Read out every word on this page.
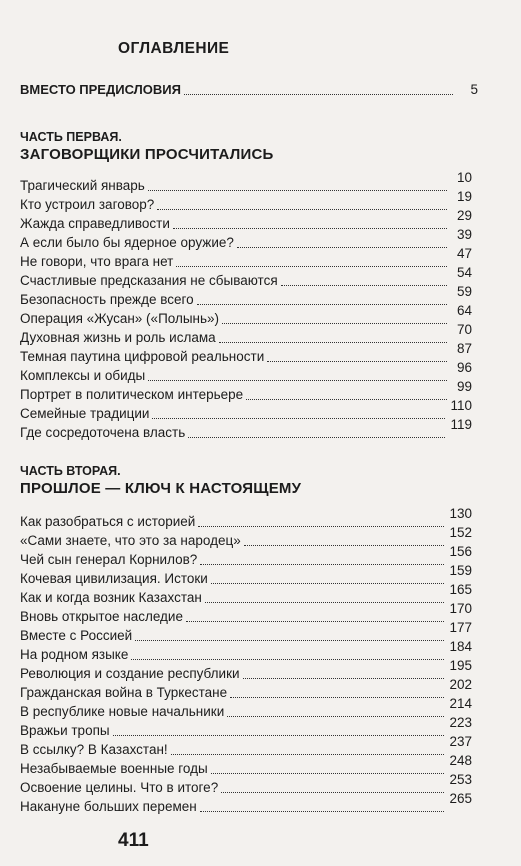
ОГЛАВЛЕНИЕ
ВМЕСТО ПРЕДИСЛОВИЯ	5
ЧАСТЬ ПЕРВАЯ.
ЗАГОВОРЩИКИ ПРОСЧИТАЛИСЬ
Трагический январь
10
Кто устроил заговор?
19
Жажда справедливости
29
А если было бы ядерное оружие?
39
Не говори, что врага нет
47
Счастливые предсказания не сбываются
54
Безопасность прежде всего
59
Операция «Жусан» («Полынь»)
64
Духовная жизнь и роль ислама
70
Темная паутина цифровой реальности
87
Комплексы и обиды
96
Портрет в политическом интерьере
99
Семейные традиции
110
Где сосредоточена власть
119
ЧАСТЬ ВТОРАЯ.
ПРОШЛОЕ — КЛЮЧ К НАСТОЯЩЕМУ
Как разобраться с историей
130
«Сами знаете, что это за народец»
152
Чей сын генерал Корнилов?
156
Кочевая цивилизация. Истоки
159
Как и когда возник Казахстан
165
Вновь открытое наследие
170
Вместе с Россией
177
На родном языке
184
Революция и создание республики
195
Гражданская война в Туркестане
202
В республике новые начальники
214
Вражьи тропы
223
В ссылку? В Казахстан!
237
Незабываемые военные годы
248
Освоение целины. Что в итоге?
253
Накануне больших перемен
265
411
